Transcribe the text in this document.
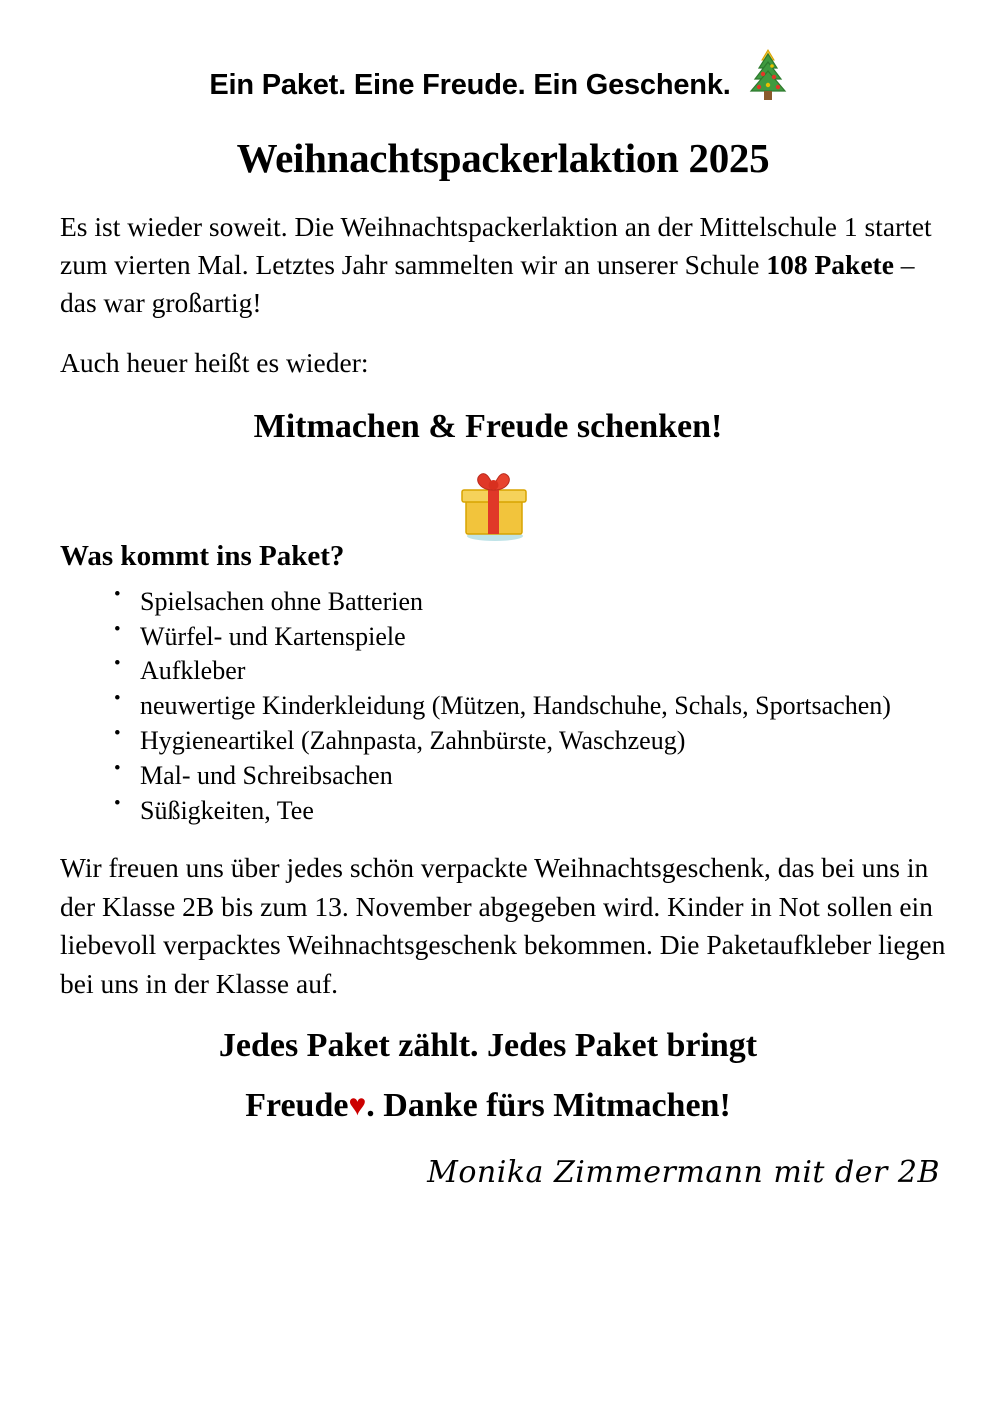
Ein Paket. Eine Freude. Ein Geschenk.
Weihnachtspackerlaktion 2025
Es ist wieder soweit. Die Weihnachtspackerlaktion an der Mittelschule 1 startet zum vierten Mal. Letztes Jahr sammelten wir an unserer Schule 108 Pakete – das war großartig!
Auch heuer heißt es wieder:
Mitmachen & Freude schenken!
Was kommt ins Paket?
• Spielsachen ohne Batterien
• Würfel- und Kartenspiele
• Aufkleber
• neuwertige Kinderkleidung (Mützen, Handschuhe, Schals, Sportsachen)
• Hygieneartikel (Zahnpasta, Zahnbürste, Waschzeug)
• Mal- und Schreibsachen
• Süßigkeiten, Tee
Wir freuen uns über jedes schön verpackte Weihnachtsgeschenk, das bei uns in der Klasse 2B bis zum 13. November abgegeben wird. Kinder in Not sollen ein liebevoll verpacktes Weihnachtsgeschenk bekommen. Die Paketaufkleber liegen bei uns in der Klasse auf.
Jedes Paket zählt. Jedes Paket bringt
Freude♥. Danke fürs Mitmachen!
Monika Zimmermann mit der 2B
